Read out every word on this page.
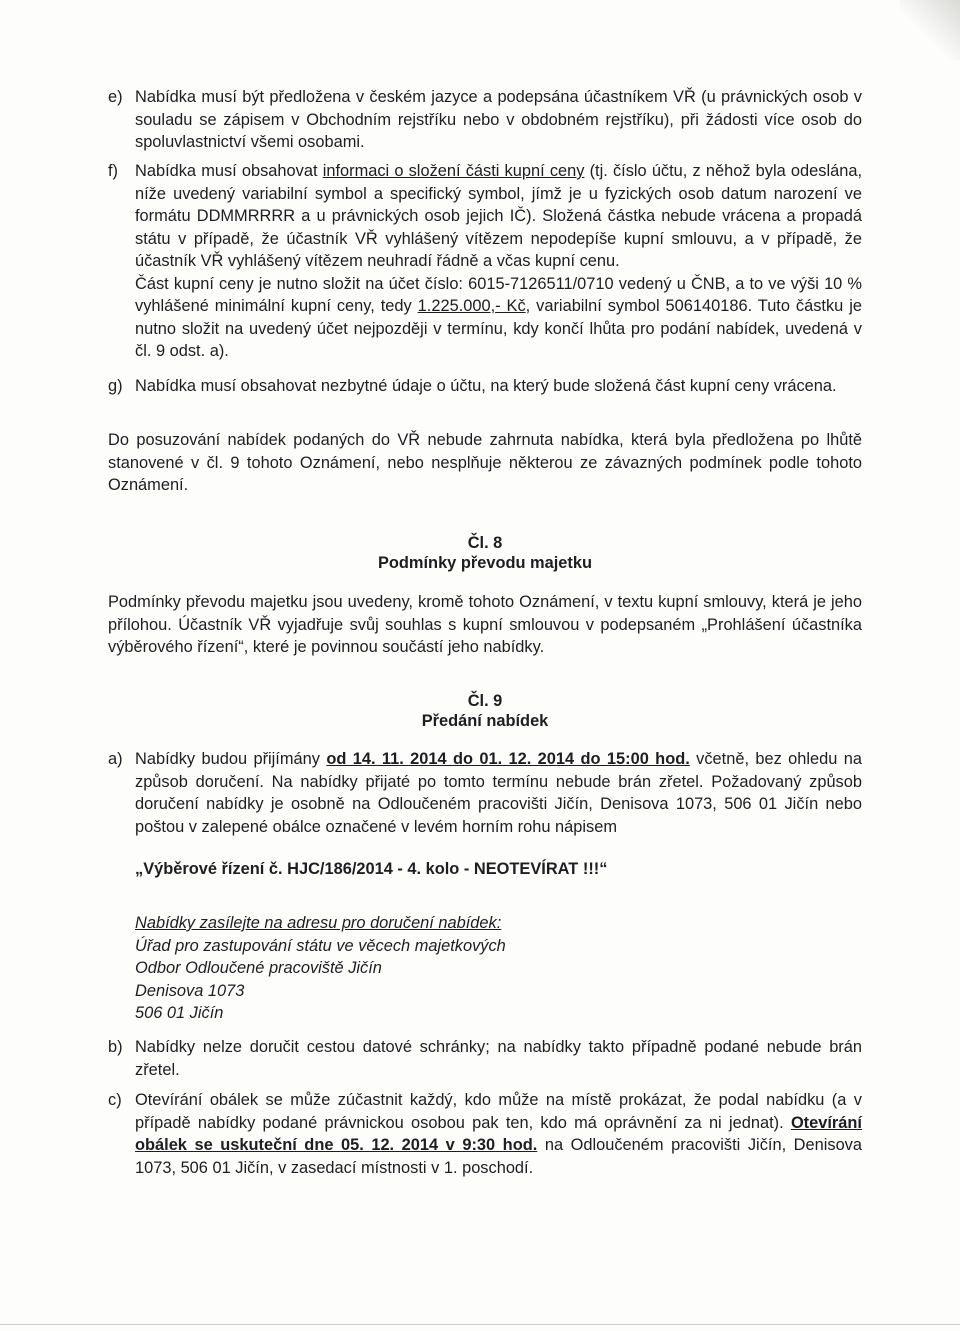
e) Nabídka musí být předložena v českém jazyce a podepsána účastníkem VŘ (u právnických osob v souladu se zápisem v Obchodním rejstříku nebo v obdobném rejstříku), při žádosti více osob do spoluvlastnictví všemi osobami.
f) Nabídka musí obsahovat informaci o složení části kupní ceny (tj. číslo účtu, z něhož byla odeslána, níže uvedený variabilní symbol a specifický symbol, jímž je u fyzických osob datum narození ve formátu DDMMRRRR a u právnických osob jejich IČ). Složená částka nebude vrácena a propadá státu v případě, že účastník VŘ vyhlášený vítězem nepodepíše kupní smlouvu, a v případě, že účastník VŘ vyhlášený vítězem neuhradí řádně a včas kupní cenu.
Část kupní ceny je nutno složit na účet číslo: 6015-7126511/0710 vedený u ČNB, a to ve výši 10 % vyhlášené minimální kupní ceny, tedy 1.225.000,- Kč, variabilní symbol 506140186. Tuto částku je nutno složit na uvedený účet nejpozději v termínu, kdy končí lhůta pro podání nabídek, uvedená v čl. 9 odst. a).
g) Nabídka musí obsahovat nezbytné údaje o účtu, na který bude složená část kupní ceny vrácena.
Do posuzování nabídek podaných do VŘ nebude zahrnuta nabídka, která byla předložena po lhůtě stanovené v čl. 9 tohoto Oznámení, nebo nesplňuje některou ze závazných podmínek podle tohoto Oznámení.
Čl. 8
Podmínky převodu majetku
Podmínky převodu majetku jsou uvedeny, kromě tohoto Oznámení, v textu kupní smlouvy, která je jeho přílohou. Účastník VŘ vyjadřuje svůj souhlas s kupní smlouvou v podepsaném „Prohlášení účastníka výběrového řízení“, které je povinnou součástí jeho nabídky.
Čl. 9
Předání nabídek
a) Nabídky budou přijímány od 14. 11. 2014 do 01. 12. 2014 do 15:00 hod. včetně, bez ohledu na způsob doručení. Na nabídky přijaté po tomto termínu nebude brán zřetel. Požadovaný způsob doručení nabídky je osobně na Odloučeném pracovišti Jičín, Denisova 1073, 506 01 Jičín nebo poštou v zalepené obálce označené v levém horním rohu nápisem
„Výběrové řízení č. HJC/186/2014 - 4. kolo - NEOTEVÍRAT !!!“
Nabídky zasílejte na adresu pro doručení nabídek:
Úřad pro zastupování státu ve věcech majetkových
Odbor Odloučené pracoviště Jičín
Denisova 1073
506 01 Jičín
b) Nabídky nelze doručit cestou datové schránky; na nabídky takto případně podané nebude brán zřetel.
c) Otevírání obálek se může zúčastnit každý, kdo může na místě prokázat, že podal nabídku (a v případě nabídky podané právnickou osobou pak ten, kdo má oprávnění za ni jednat). Otevírání obálek se uskuteční dne 05. 12. 2014 v 9:30 hod. na Odloučeném pracovišti Jičín, Denisova 1073, 506 01 Jičín, v zasedací místnosti v 1. poschodí.
